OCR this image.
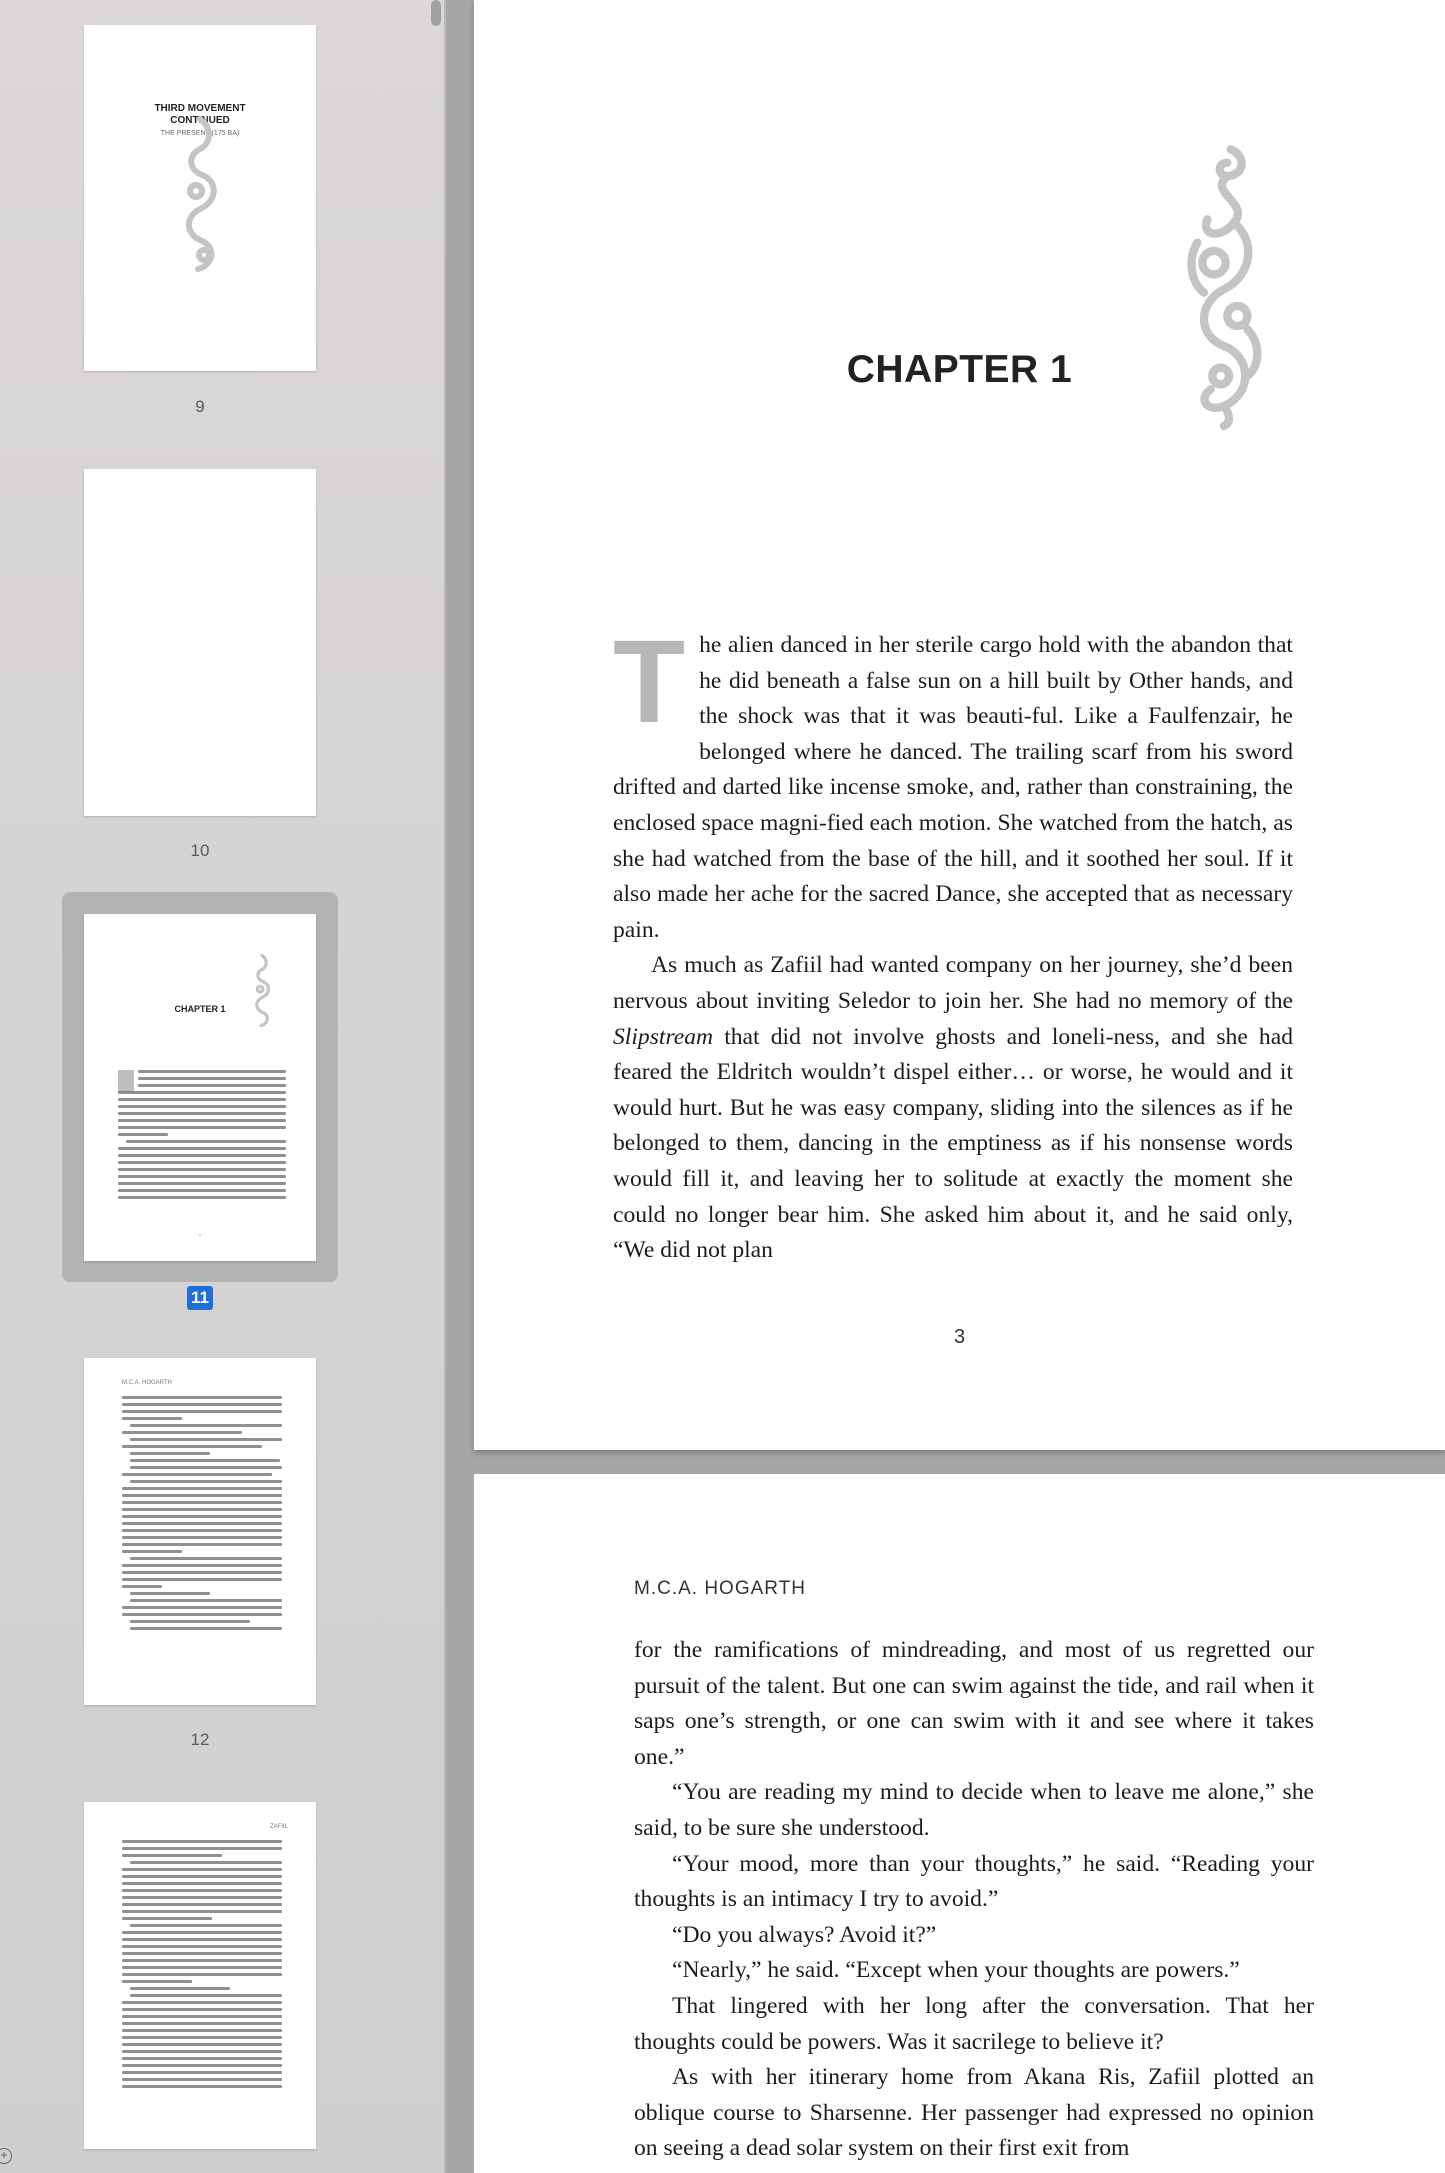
THIRD MOVEMENT
CONTINUED
THE PRESENT (175 BA)
9
10
CHAPTER 1
•
11
M.C.A. HOGARTH
12
ZAFIIL
+
CHAPTER 1

The alien danced in her sterile cargo hold with the abandon that he did beneath a false sun on a hill built by Other hands, and the shock was that it was beauti-ful. Like a Faulfenzair, he belonged where he danced. The trailing scarf from his sword drifted and darted like incense smoke, and, rather than constraining, the enclosed space magni-fied each motion. She watched from the hatch, as she had watched from the base of the hill, and it soothed her soul. If it also made her ache for the sacred Dance, she accepted that as necessary pain.

As much as Zafiil had wanted company on her journey, she’d been nervous about inviting Seledor to join her. She had no memory of the Slipstream that did not involve ghosts and loneli-ness, and she had feared the Eldritch wouldn’t dispel either… or worse, he would and it would hurt. But he was easy company, sliding into the silences as if he belonged to them, dancing in the emptiness as if his nonsense words would fill it, and leaving her to solitude at exactly the moment she could no longer bear him. She asked him about it, and he said only, “We did not plan

3
M.C.A. HOGARTH

for the ramifications of mindreading, and most of us regretted our pursuit of the talent. But one can swim against the tide, and rail when it saps one’s strength, or one can swim with it and see where it takes one.”

“You are reading my mind to decide when to leave me alone,” she said, to be sure she understood.

“Your mood, more than your thoughts,” he said. “Reading your thoughts is an intimacy I try to avoid.”

“Do you always? Avoid it?”

“Nearly,” he said. “Except when your thoughts are powers.”

That lingered with her long after the conversation. That her thoughts could be powers. Was it sacrilege to believe it?

As with her itinerary home from Akana Ris, Zafiil plotted an oblique course to Sharsenne. Her passenger had expressed no opinion on seeing a dead solar system on their first exit from
